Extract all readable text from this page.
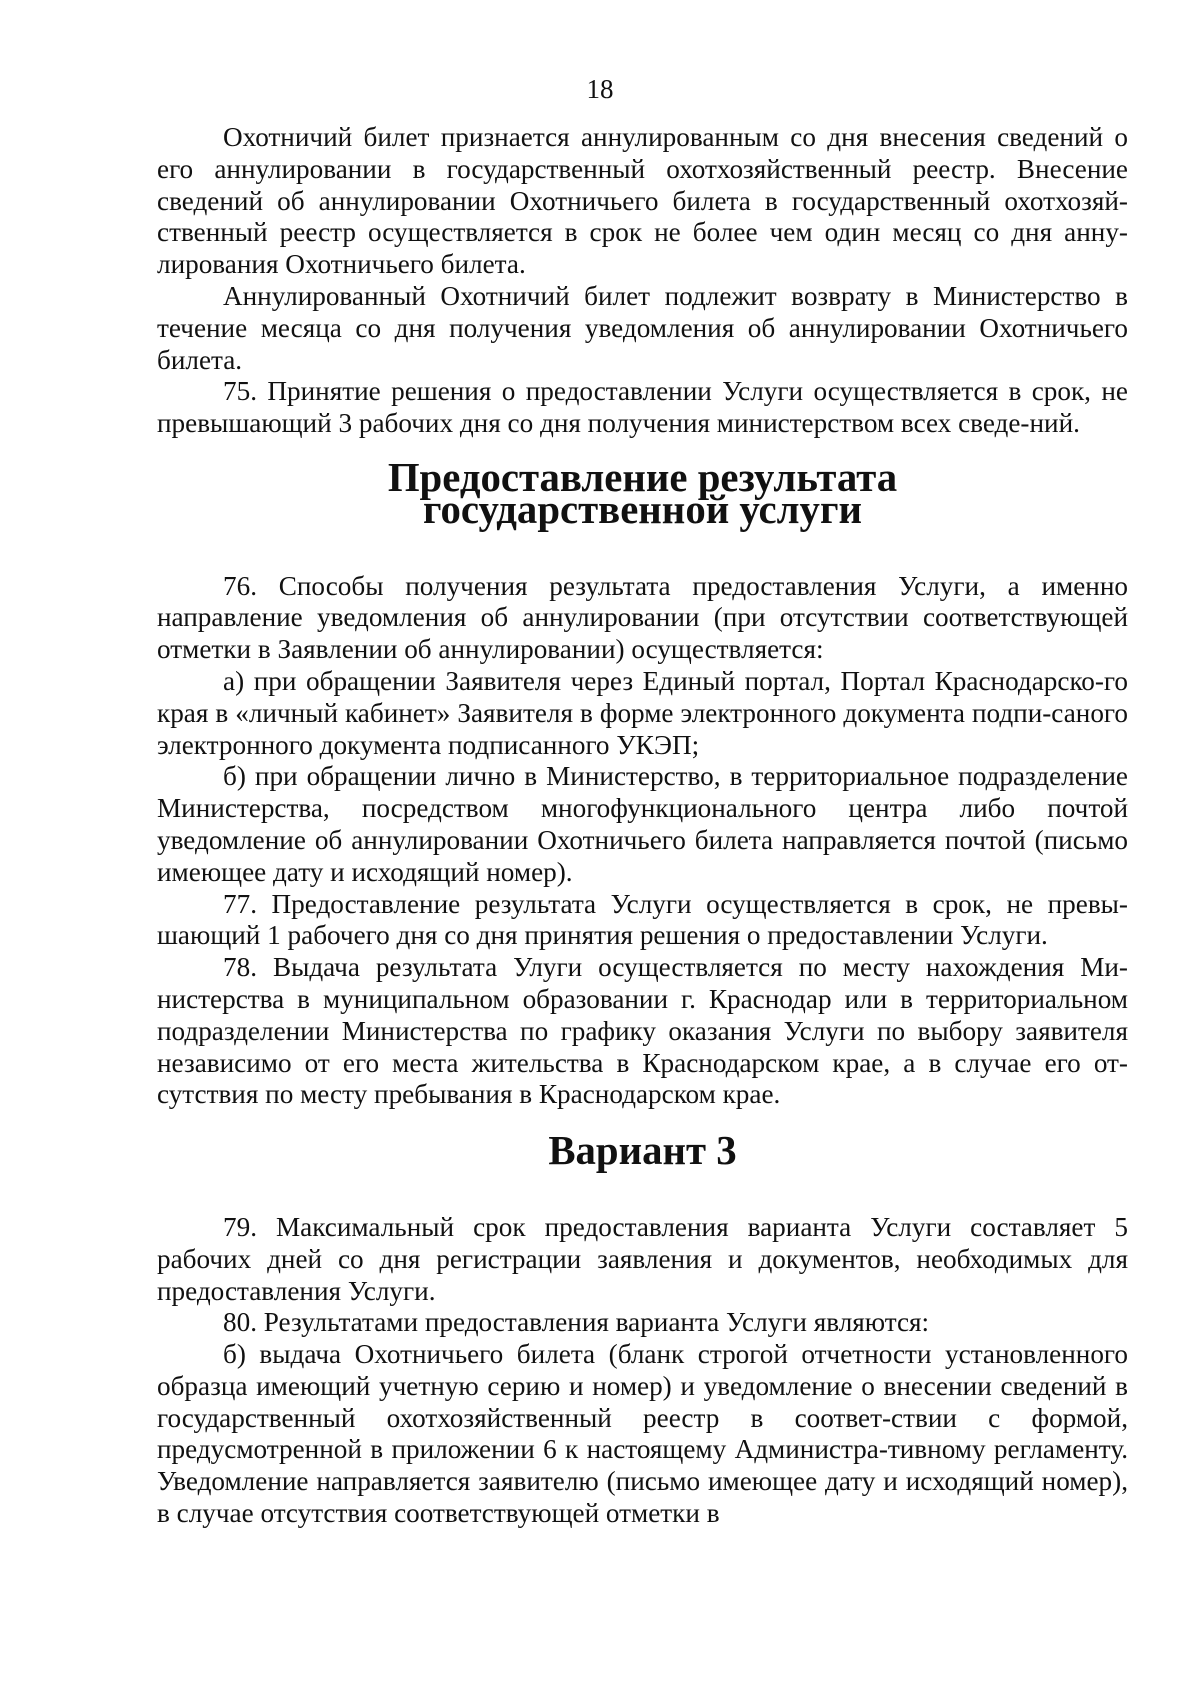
18

Охотничий билет признается аннулированным со дня внесения сведений о его аннулировании в государственный охотхозяйственный реестр. Внесение сведений об аннулировании Охотничьего билета в государственный охотхозяй-ственный реестр осуществляется в срок не более чем один месяц со дня анну-лирования Охотничьего билета.

Аннулированный Охотничий билет подлежит возврату в Министерство в течение месяца со дня получения уведомления об аннулировании Охотничьего билета.

75. Принятие решения о предоставлении Услуги осуществляется в срок, не превышающий 3 рабочих дня со дня получения министерством всех сведе-ний.

Предоставление результата
государственной услуги

76. Способы получения результата предоставления Услуги, а именно направление уведомления об аннулировании (при отсутствии соответствующей отметки в Заявлении об аннулировании) осуществляется:

а) при обращении Заявителя через Единый портал, Портал Краснодарско-го края в «личный кабинет» Заявителя в форме электронного документа подпи-саного электронного документа подписанного УКЭП;

б) при обращении лично в Министерство, в территориальное подразделение Министерства, посредством многофункционального центра либо почтой уведомление об аннулировании Охотничьего билета направляется почтой (письмо имеющее дату и исходящий номер).

77. Предоставление результата Услуги осуществляется в срок, не превы-шающий 1 рабочего дня со дня принятия решения о предоставлении Услуги.

78. Выдача результата Улуги осуществляется по месту нахождения Ми-нистерства в муниципальном образовании г. Краснодар или в территориальном подразделении Министерства по графику оказания Услуги по выбору заявителя независимо от его места жительства в Краснодарском крае, а в случае его от-сутствия по месту пребывания в Краснодарском крае.

Вариант 3

79. Максимальный срок предоставления варианта Услуги составляет 5 рабочих дней со дня регистрации заявления и документов, необходимых для предоставления Услуги.

80. Результатами предоставления варианта Услуги являются:

б) выдача Охотничьего билета (бланк строгой отчетности установленного образца имеющий учетную серию и номер) и уведомление о внесении сведений в государственный охотхозяйственный реестр в соответ-ствии с формой, предусмотренной в приложении 6 к настоящему Администра-тивному регламенту. Уведомление направляется заявителю (письмо имеющее дату и исходящий номер), в случае отсутствия соответствующей отметки в
